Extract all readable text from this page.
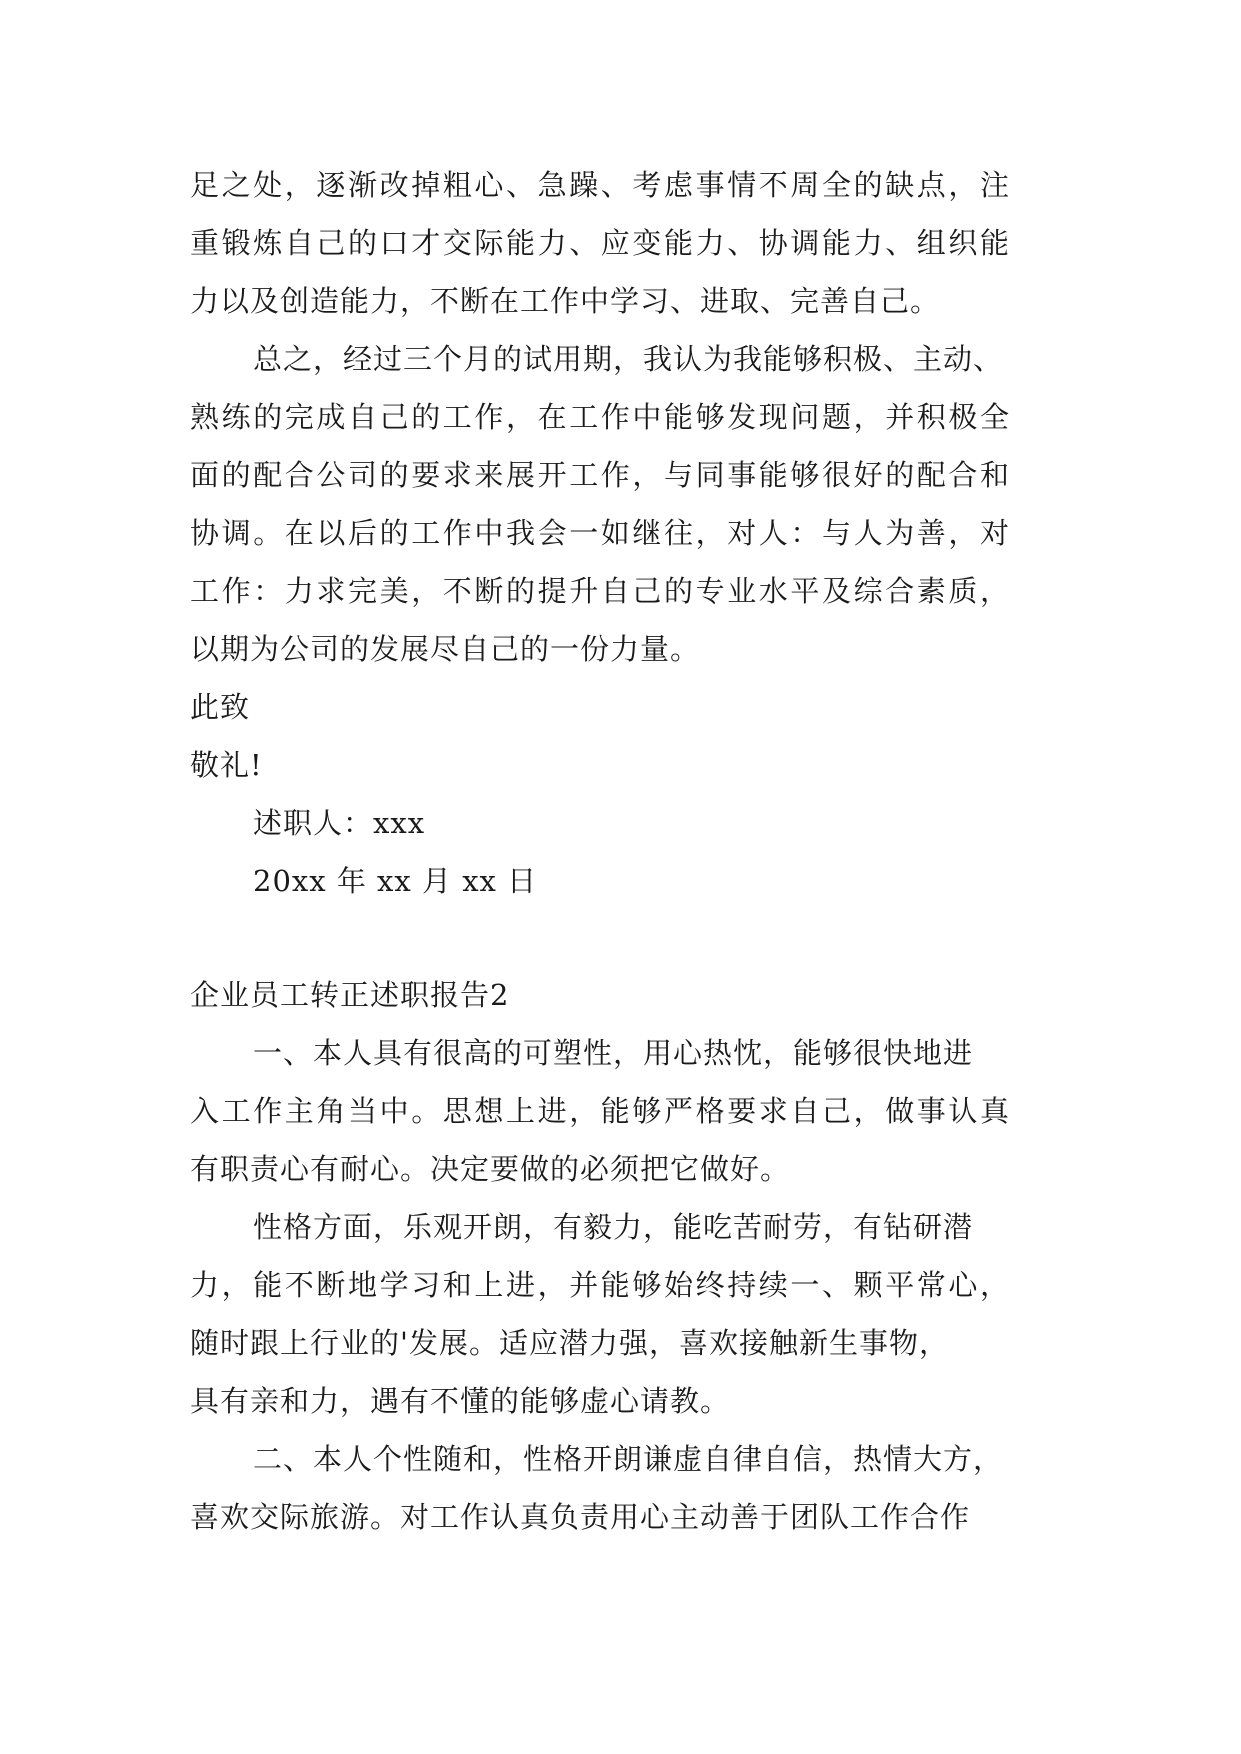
足之处，逐渐改掉粗心、急躁、考虑事情不周全的缺点，注
重锻炼自己的口才交际能力、应变能力、协调能力、组织能
力以及创造能力，不断在工作中学习、进取、完善自己。
总之，经过三个月的试用期，我认为我能够积极、主动、
熟练的完成自己的工作，在工作中能够发现问题，并积极全
面的配合公司的要求来展开工作，与同事能够很好的配合和
协调。在以后的工作中我会一如继往，对人：与人为善，对
工作：力求完美，不断的提升自己的专业水平及综合素质，
以期为公司的发展尽自己的一份力量。
此致
敬礼!
述职人：xxx
20xx 年 xx 月 xx 日
企业员工转正述职报告2
一、本人具有很高的可塑性，用心热忱，能够很快地进
入工作主角当中。思想上进，能够严格要求自己，做事认真
有职责心有耐心。决定要做的必须把它做好。
性格方面，乐观开朗，有毅力，能吃苦耐劳，有钻研潜
力，能不断地学习和上进，并能够始终持续一、颗平常心，
随时跟上行业的'发展。适应潜力强，喜欢接触新生事物，
具有亲和力，遇有不懂的能够虚心请教。
二、本人个性随和，性格开朗谦虚自律自信，热情大方，
喜欢交际旅游。对工作认真负责用心主动善于团队工作合作
